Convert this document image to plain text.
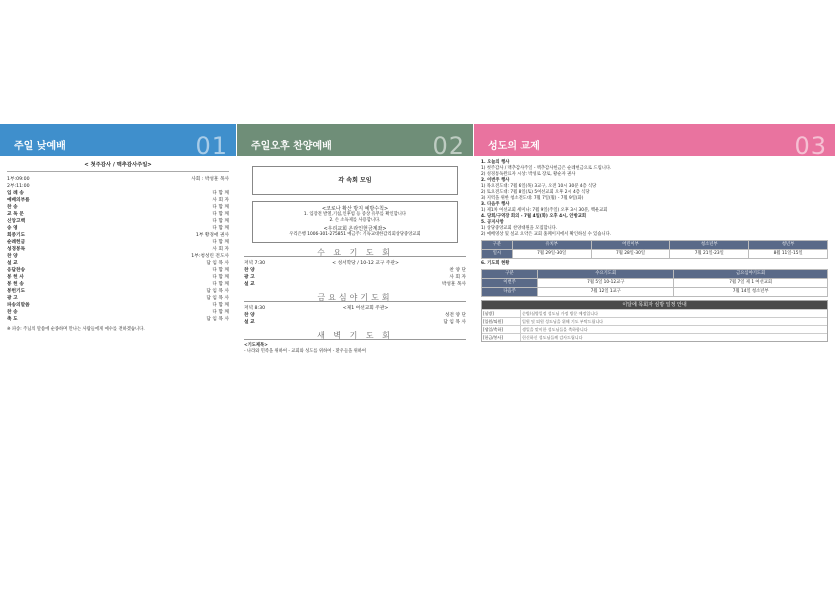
주일 낮예배	01
< 첫주감사 / 맥추감사주일>
1부:09:00	사회 : 박성훈 목사
2부:11:00
입 례 송	다 함 께
예배의부름	사 회 자
찬 송	다 함 께
교 독 문	다 함 께
신앙고백	다 함 께
송 영	다 함 께
회중기도	1부 황경애 권사
순례헌금	다 함 께
성경봉독	사 회 자
찬 양	1부:청성린 전도사
설 교	담 임 목 사
응답찬송	다 함 께
봉 헌 사	다 함 께
봉 헌 송	다 함 께
봉헌기도	담 임 목 사
광 고	담 임 목 사
파송의말씀	다 함 께
찬 송	다 함 께
축 도	담 임 목 사
※ 파송: 주님의 말씀에 순종하며 만나는 사람들에게 예수를 전하겠습니다.
주일오후 찬양예배	02
각 속회 모임
<코로나 확산 방지 예방수칙>
1. 입장전 발열,기침,인후염 등 증상 유무를 확인합니다
2. 손 소독제를 사용합니다.
<우리교회 온라인헌금계좌>
우리은행 1006-301-275851 예금주: 기독교대한감리회상당중앙교회
수 요 기 도 회
저녁 7:30	< 성서학당 / 10-12 교구 주관>
찬 양	찬 양 단
광 고	사 회 자
설 교	박성훈 목사
금요심야기도회
저녁 8:30	<제1 여선교회 주관>
찬 양	성전 양 단
설 교	담 임 목 사
새 벽 기 도 회
<기도제목>
- 나라와 민족을 위하여 - 교회와 성도를 위하여 - 환우들을 위하여
성도의 교제	03
1. 오늘의 행사
1) 첫주감사 / 맥추감사주일 - 맥추감사헌금은 순례헌금으로 드립니다.
2) 성경통독완료자 시상: 박성로 장로, 황순자 권사
2. 이번주 행사
1) 목요전도대: 7월 6일(목) 3교구, 오전 10시 30분 4층 식당
2) 토요전도대: 7월 8일(토) 5여선교회 오후 2시 4층 식당
3) 지역을 위한 청소전도대: 7월 7일(월) - 7월 9일(화)
3. 다음주 행사
1) 제1차 여선교회 세미나: 7월 9일(주일) 오후 3시 30분, 백운교회
4. 당회/구역장 회의 - 7월 4일(화) 오후 4시, 안방교회
5. 공지사항
1) 상당중앙교회 찬양대원을 모집합니다.
2) 예배영상 및 설교 요약은 교회 홈페이지에서 확인하실 수 있습니다.
구분	유치부	어린이부	청소년부	청년부
일시	7월 29일-30일	7월 28일-30일	7월 21일-23일	8월 11일-15일
6. 기도회 현황
구분	수요기도회	금요심야기도회
이번주	7월 5일 10-12교구	7월 7일 제 1 여선교회
다음주	7월 12일 1교구	7월 14일 청소년부
이달에 목회자 심방 일정 안내
[심방]	순방/심방일정 성도님 가정 방문 예정입니다
[입원/퇴원]	입원 및 퇴원 성도님을 위해 기도 부탁드립니다
[생일/축하]	생일을 맞이한 성도님들을 축하합니다
[헌금/봉사]	헌신하신 성도님들께 감사드립니다
